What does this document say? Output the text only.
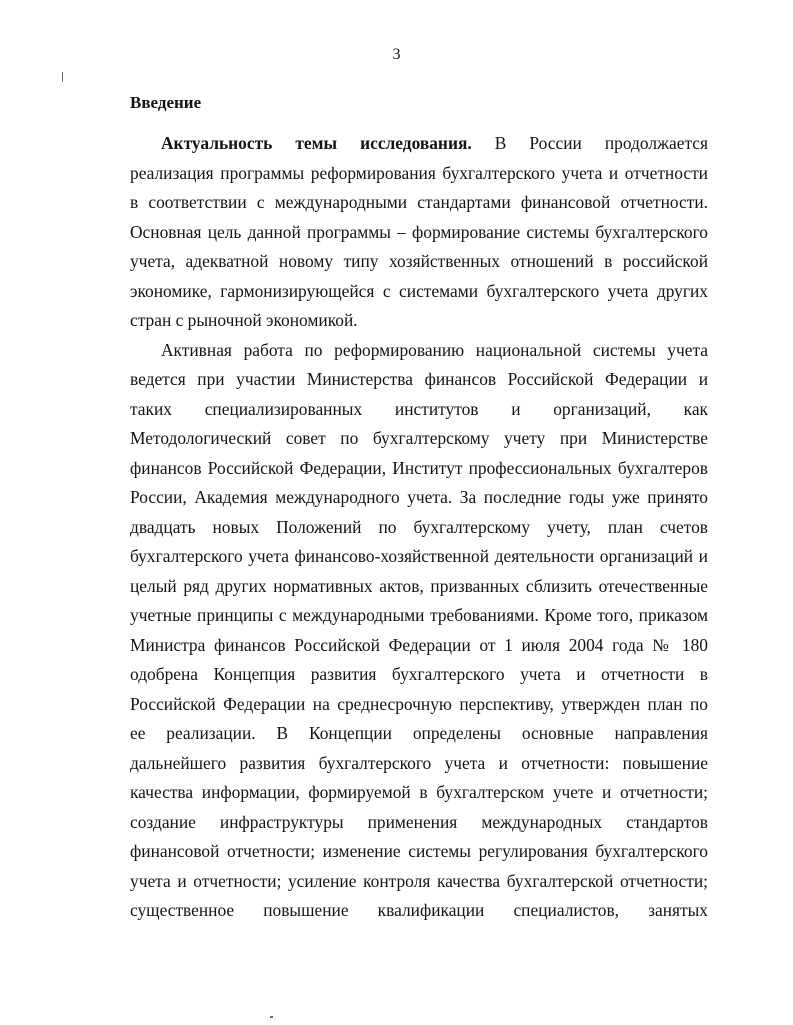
3
Введение
Актуальность темы исследования. В России продолжается
реализация программы реформирования бухгалтерского учета и отчетности
в соответствии с международными стандартами финансовой отчетности.
Основная цель данной программы – формирование системы бухгалтерского
учета, адекватной новому типу хозяйственных отношений в российской
экономике, гармонизирующейся с системами бухгалтерского учета других
стран с рыночной экономикой.
Активная работа по реформированию национальной системы учета
ведется при участии Министерства финансов Российской Федерации и
таких специализированных институтов и организаций, как
Методологический совет по бухгалтерскому учету при Министерстве
финансов Российской Федерации, Институт профессиональных бухгалтеров
России, Академия международного учета. За последние годы уже принято
двадцать новых Положений по бухгалтерскому учету, план счетов
бухгалтерского учета финансово-хозяйственной деятельности организаций и
целый ряд других нормативных актов, призванных сблизить отечественные
учетные принципы с международными требованиями. Кроме того, приказом
Министра финансов Российской Федерации от 1 июля 2004 года № 180
одобрена Концепция развития бухгалтерского учета и отчетности в
Российской Федерации на среднесрочную перспективу, утвержден план по
ее реализации. В Концепции определены основные направления
дальнейшего развития бухгалтерского учета и отчетности: повышение
качества информации, формируемой в бухгалтерском учете и отчетности;
создание инфраструктуры применения международных стандартов
финансовой отчетности; изменение системы регулирования бухгалтерского
учета и отчетности; усиление контроля качества бухгалтерской отчетности;
существенное повышение квалификации специалистов, занятых
